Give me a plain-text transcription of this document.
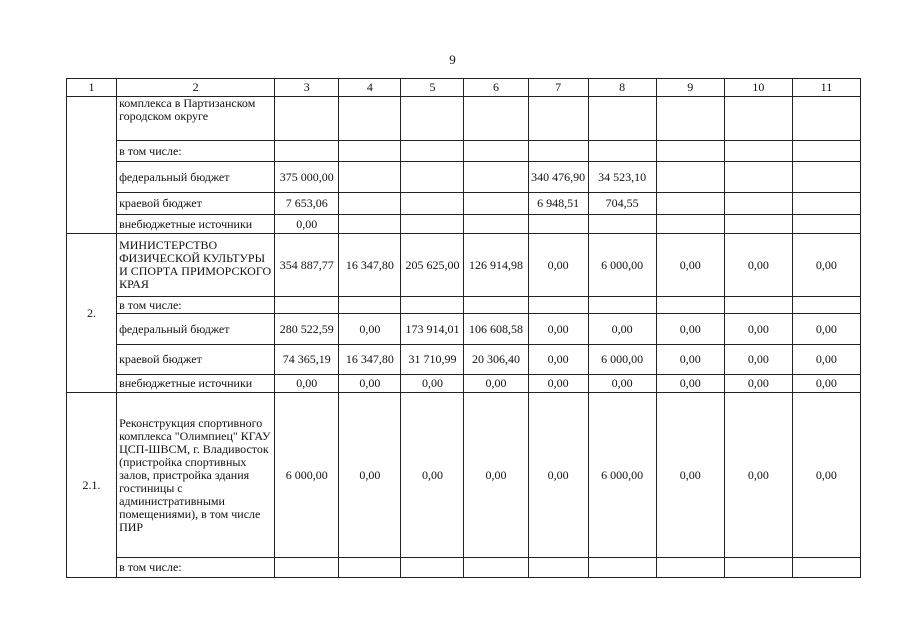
9
1	2	3	4	5	6	7	8	9	10	11
	комплекса в Партизанском городском округе									
	в том числе:									
	федеральный бюджет	375 000,00				340 476,90	34 523,10			
	краевой бюджет	7 653,06				6 948,51	704,55			
	внебюджетные источники	0,00								
2.	МИНИСТЕРСТВО ФИЗИЧЕСКОЙ КУЛЬТУРЫ И СПОРТА ПРИМОРСКОГО КРАЯ	354 887,77	16 347,80	205 625,00	126 914,98	0,00	6 000,00	0,00	0,00	0,00
	в том числе:									
	федеральный бюджет	280 522,59	0,00	173 914,01	106 608,58	0,00	0,00	0,00	0,00	0,00
	краевой бюджет	74 365,19	16 347,80	31 710,99	20 306,40	0,00	6 000,00	0,00	0,00	0,00
	внебюджетные источники	0,00	0,00	0,00	0,00	0,00	0,00	0,00	0,00	0,00
2.1.	Реконструкция спортивного комплекса "Олимпиец" КГАУ ЦСП-ШВСМ, г. Владивосток (пристройка спортивных залов, пристройка здания гостиницы с административными помещениями), в том числе ПИР	6 000,00	0,00	0,00	0,00	0,00	6 000,00	0,00	0,00	0,00
	в том числе:									
